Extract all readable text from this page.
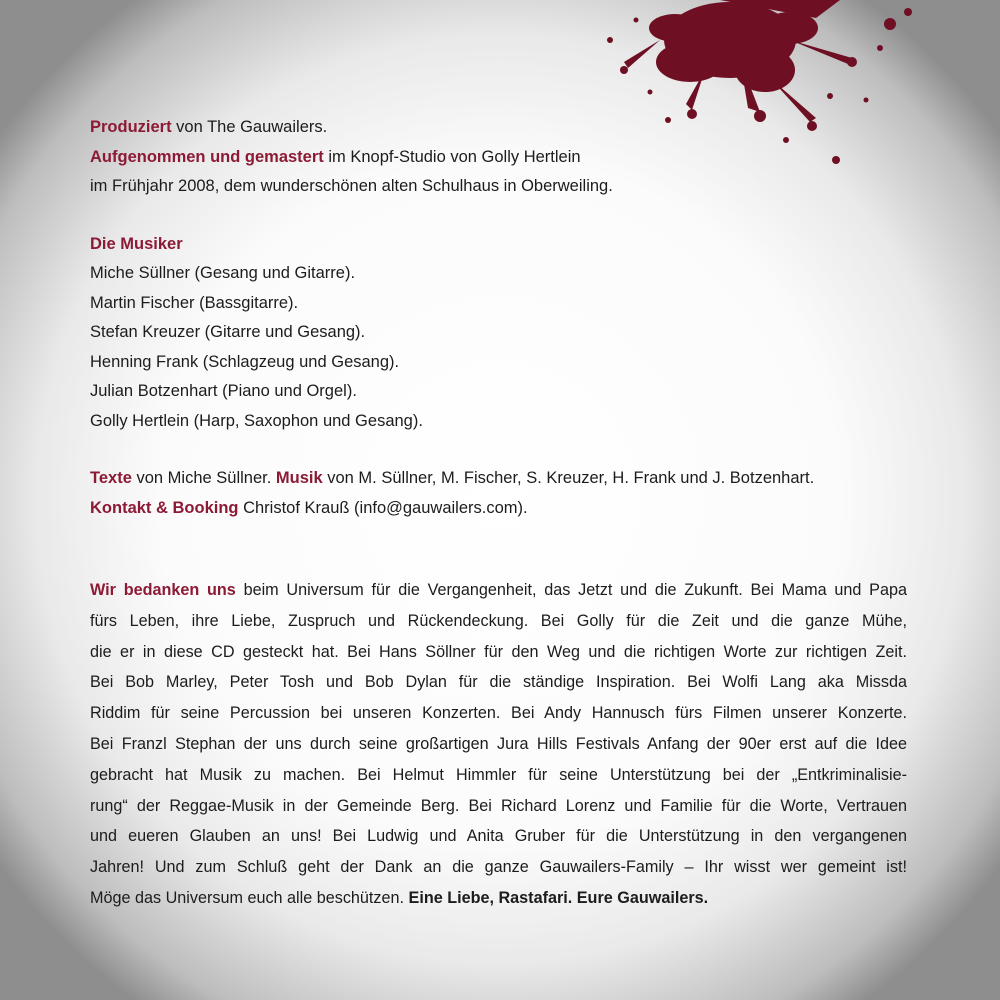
Produziert von The Gauwailers.
Aufgenommen und gemastert im Knopf-Studio von Golly Hertlein
im Frühjahr 2008, dem wunderschönen alten Schulhaus in Oberweiling.
Die Musiker
Miche Süllner (Gesang und Gitarre).
Martin Fischer (Bassgitarre).
Stefan Kreuzer (Gitarre und Gesang).
Henning Frank (Schlagzeug und Gesang).
Julian Botzenhart (Piano und Orgel).
Golly Hertlein (Harp, Saxophon und Gesang).
Texte von Miche Süllner. Musik von M. Süllner, M. Fischer, S. Kreuzer, H. Frank und J. Botzenhart.
Kontakt & Booking Christof Krauß (info@gauwailers.com).
Wir bedanken uns beim Universum für die Vergangenheit, das Jetzt und die Zukunft. Bei Mama und Papa
fürs Leben, ihre Liebe, Zuspruch und Rückendeckung. Bei Golly für die Zeit und die ganze Mühe,
die er in diese CD gesteckt hat. Bei Hans Söllner für den Weg und die richtigen Worte zur richtigen Zeit.
Bei Bob Marley, Peter Tosh und Bob Dylan für die ständige Inspiration. Bei Wolfi Lang aka Missda
Riddim für seine Percussion bei unseren Konzerten. Bei Andy Hannusch fürs Filmen unserer Konzerte.
Bei Franzl Stephan der uns durch seine großartigen Jura Hills Festivals Anfang der 90er erst auf die Idee
gebracht hat Musik zu machen. Bei Helmut Himmler für seine Unterstützung bei der „Entkriminalisie-
rung“ der Reggae-Musik in der Gemeinde Berg. Bei Richard Lorenz und Familie für die Worte, Vertrauen
und eueren Glauben an uns! Bei Ludwig und Anita Gruber für die Unterstützung in den vergangenen
Jahren! Und zum Schluß geht der Dank an die ganze Gauwailers-Family – Ihr wisst wer gemeint ist!
Möge das Universum euch alle beschützen. Eine Liebe, Rastafari. Eure Gauwailers.
